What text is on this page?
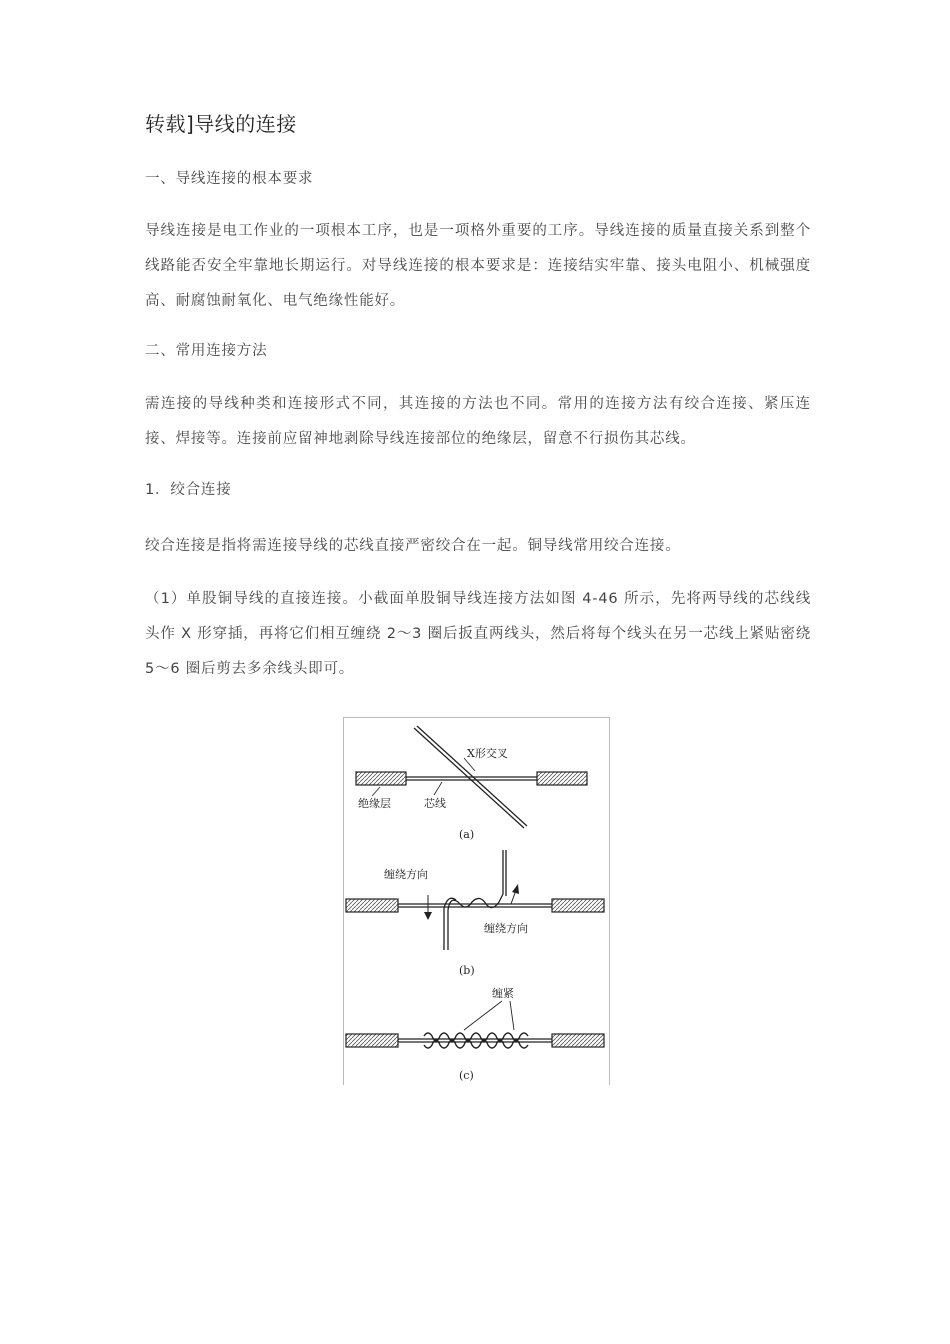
转载]导线的连接
一、导线连接的根本要求
导线连接是电工作业的一项根本工序，也是一项格外重要的工序。导线连接的质量直接关系到整个线路能否安全牢靠地长期运行。对导线连接的根本要求是：连接结实牢靠、接头电阻小、机械强度高、耐腐蚀耐氧化、电气绝缘性能好。
二、常用连接方法
需连接的导线种类和连接形式不同，其连接的方法也不同。常用的连接方法有绞合连接、紧压连接、焊接等。连接前应留神地剥除导线连接部位的绝缘层，留意不行损伤其芯线。
1．绞合连接
绞合连接是指将需连接导线的芯线直接严密绞合在一起。铜导线常用绞合连接。
（1）单股铜导线的直接连接。小截面单股铜导线连接方法如图 4-46 所示，先将两导线的芯线线头作 X 形穿插，再将它们相互缠绕 2～3 圈后扳直两线头，然后将每个线头在另一芯线上紧贴密绕 5～6 圈后剪去多余线头即可。
X形交叉
绝缘层	芯线
(a)
缠绕方向
缠绕方向
(b)
缠紧
(c)
